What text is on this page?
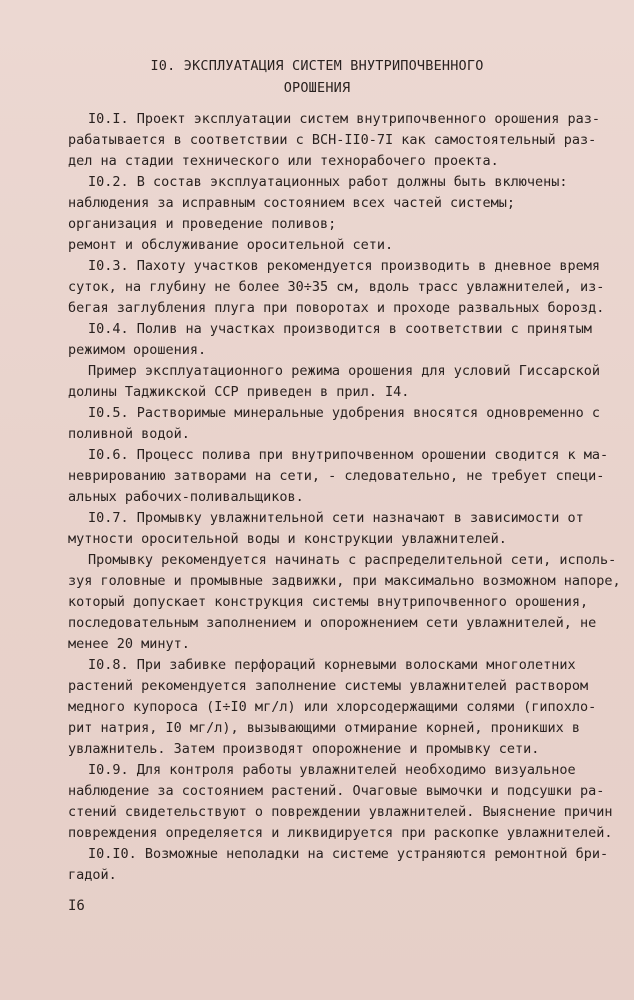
I0. ЭКСПЛУАТАЦИЯ СИСТЕМ ВНУТРИПОЧВЕННОГО
ОРОШЕНИЯ
I0.I. Проект эксплуатации систем внутрипочвенного орошения раз-
рабатывается в соответствии с ВСН-II0-7I как самостоятельный раз-
дел на стадии технического или технорабочего проекта.
I0.2. В состав эксплуатационных работ должны быть включены:
наблюдения за исправным состоянием всех частей системы;
организация и проведение поливов;
ремонт и обслуживание оросительной сети.
I0.3. Пахоту участков рекомендуется производить в дневное время
суток, на глубину не более 30÷35 см, вдоль трасс увлажнителей, из-
бегая заглубления плуга при поворотах и проходе развальных борозд.
I0.4. Полив на участках производится в соответствии с принятым
режимом орошения.
Пример эксплуатационного режима орошения для условий Гиссарской
долины Таджикской ССР приведен в прил. I4.
I0.5. Растворимые минеральные удобрения вносятся одновременно с
поливной водой.
I0.6. Процесс полива при внутрипочвенном орошении сводится к ма-
неврированию затворами на сети, - следовательно, не требует специ-
альных рабочих-поливальщиков.
I0.7. Промывку увлажнительной сети назначают в зависимости от
мутности оросительной воды и конструкции увлажнителей.
Промывку рекомендуется начинать с распределительной сети, исполь-
зуя головные и промывные задвижки, при максимально возможном напоре,
который допускает конструкция системы внутрипочвенного орошения,
последовательным заполнением и опорожнением сети увлажнителей, не
менее 20 минут.
I0.8. При забивке перфораций корневыми волосками многолетних
растений рекомендуется заполнение системы увлажнителей раствором
медного купороса (I÷I0 мг/л) или хлорсодержащими солями (гипохло-
рит натрия, I0 мг/л), вызывающими отмирание корней, проникших в
увлажнитель. Затем производят опорожнение и промывку сети.
I0.9. Для контроля работы увлажнителей необходимо визуальное
наблюдение за состоянием растений. Очаговые вымочки и подсушки ра-
стений свидетельствуют о повреждении увлажнителей. Выяснение причин
повреждения определяется и ликвидируется при раскопке увлажнителей.
I0.I0. Возможные неполадки на системе устраняются ремонтной бри-
гадой.
I6
